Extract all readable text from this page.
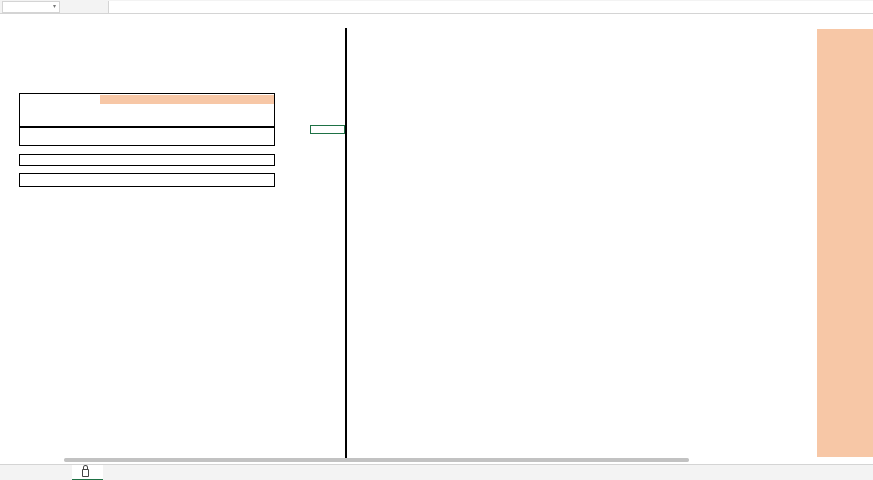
▾
